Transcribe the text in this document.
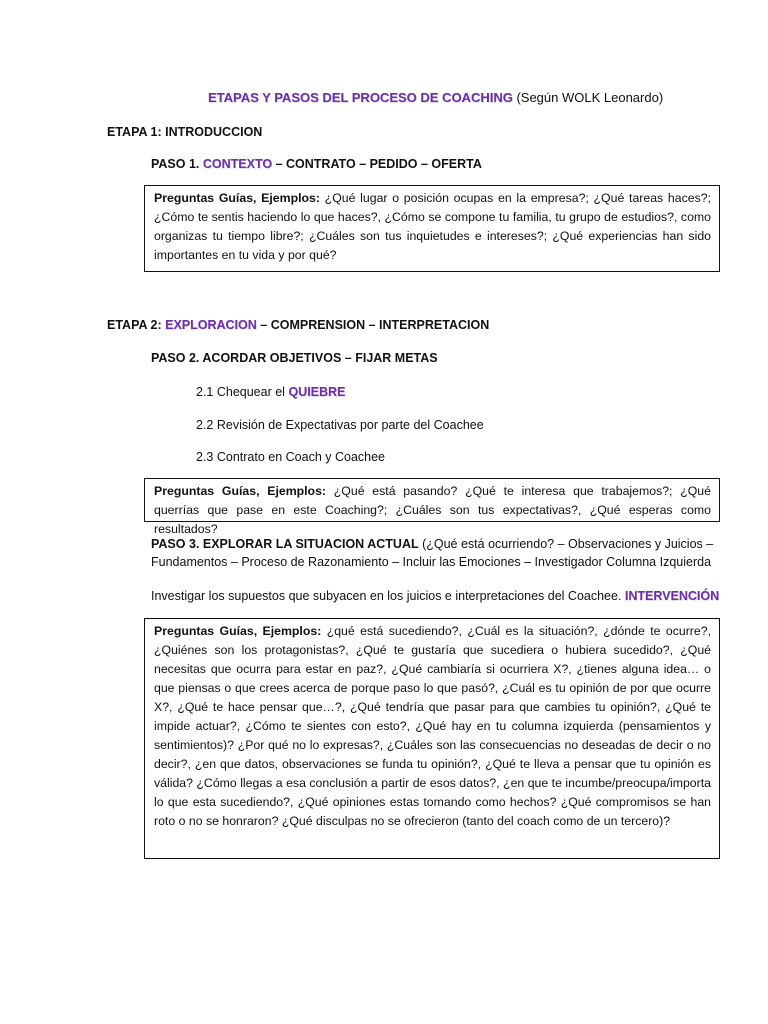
ETAPAS Y PASOS DEL PROCESO DE COACHING (Según WOLK Leonardo)
ETAPA 1: INTRODUCCION
PASO 1. CONTEXTO – CONTRATO – PEDIDO – OFERTA

Preguntas Guías, Ejemplos: ¿Qué lugar o posición ocupas en la empresa?; ¿Qué tareas haces?; ¿Cómo te sentis haciendo lo que haces?, ¿Cómo se compone tu familia, tu grupo de estudios?, como organizas tu tiempo libre?; ¿Cuáles son tus inquietudes e intereses?; ¿Qué experiencias han sido importantes en tu vida y por qué?

ETAPA 2: EXPLORACION – COMPRENSION – INTERPRETACION
PASO 2. ACORDAR OBJETIVOS – FIJAR METAS
2.1 Chequear el QUIEBRE
2.2 Revisión de Expectativas por parte del Coachee
2.3 Contrato en Coach y Coachee

Preguntas Guías, Ejemplos: ¿Qué está pasando? ¿Qué te interesa que trabajemos?; ¿Qué querrías que pase en este Coaching?; ¿Cuáles son tus expectativas?, ¿Qué esperas como resultados?

PASO 3. EXPLORAR LA SITUACION ACTUAL (¿Qué está ocurriendo? – Observaciones y Juicios –
Fundamentos – Proceso de Razonamiento – Incluir las Emociones – Investigador Columna Izquierda
Investigar los supuestos que subyacen en los juicios e interpretaciones del Coachee. INTERVENCIÓN

Preguntas Guías, Ejemplos: ¿qué está sucediendo?, ¿Cuál es la situación?, ¿dónde te ocurre?, ¿Quiénes son los protagonistas?, ¿Qué te gustaría que sucediera o hubiera sucedido?, ¿Qué necesitas que ocurra para estar en paz?, ¿Qué cambiaría si ocurriera X?, ¿tienes alguna idea… o que piensas o que crees acerca de porque paso lo que pasó?, ¿Cuál es tu opinión de por que ocurre X?, ¿Qué te hace pensar que…?, ¿Qué tendría que pasar para que cambies tu opinión?, ¿Qué te impide actuar?, ¿Cómo te sientes con esto?, ¿Qué hay en tu columna izquierda (pensamientos y sentimientos)? ¿Por qué no lo expresas?, ¿Cuáles son las consecuencias no deseadas de decir o no decir?, ¿en que datos, observaciones se funda tu opinión?, ¿Qué te lleva a pensar que tu opinión es válida? ¿Cómo llegas a esa conclusión a partir de esos datos?, ¿en que te incumbe/preocupa/importa lo que esta sucediendo?, ¿Qué opiniones estas tomando como hechos? ¿Qué compromisos se han roto o no se honraron? ¿Qué disculpas no se ofrecieron (tanto del coach como de un tercero)?
